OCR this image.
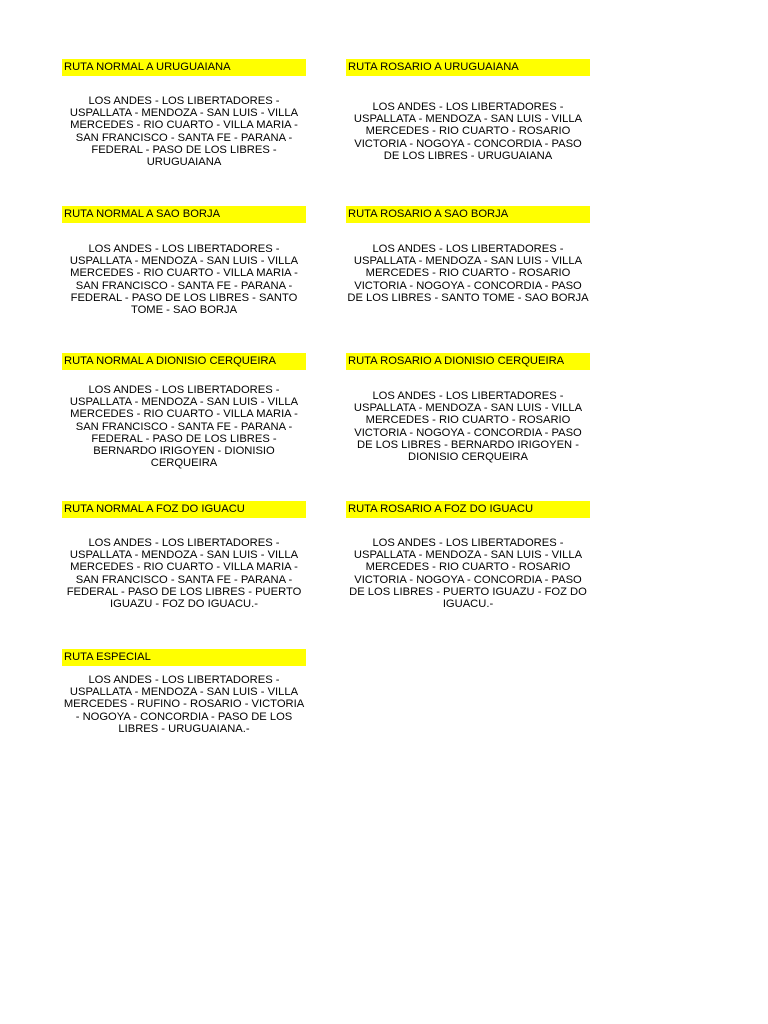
RUTA NORMAL A URUGUAIANA

LOS ANDES - LOS LIBERTADORES - USPALLATA - MENDOZA - SAN LUIS - VILLA MERCEDES - RIO CUARTO - VILLA MARIA - SAN FRANCISCO - SANTA FE - PARANA - FEDERAL - PASO DE LOS LIBRES - URUGUAIANA

RUTA ROSARIO A URUGUAIANA

LOS ANDES - LOS LIBERTADORES - USPALLATA - MENDOZA - SAN LUIS - VILLA MERCEDES - RIO CUARTO - ROSARIO VICTORIA - NOGOYA - CONCORDIA - PASO DE LOS LIBRES - URUGUAIANA

RUTA NORMAL A SAO BORJA

LOS ANDES - LOS LIBERTADORES - USPALLATA - MENDOZA - SAN LUIS - VILLA MERCEDES - RIO CUARTO - VILLA MARIA - SAN FRANCISCO - SANTA FE - PARANA - FEDERAL - PASO DE LOS LIBRES - SANTO TOME - SAO BORJA

RUTA ROSARIO A SAO BORJA

LOS ANDES - LOS LIBERTADORES - USPALLATA - MENDOZA - SAN LUIS - VILLA MERCEDES - RIO CUARTO - ROSARIO VICTORIA - NOGOYA - CONCORDIA - PASO DE LOS LIBRES - SANTO TOME - SAO BORJA

RUTA NORMAL A DIONISIO CERQUEIRA

LOS ANDES - LOS LIBERTADORES - USPALLATA - MENDOZA - SAN LUIS - VILLA MERCEDES - RIO CUARTO - VILLA MARIA - SAN FRANCISCO - SANTA FE - PARANA - FEDERAL - PASO DE LOS LIBRES - BERNARDO IRIGOYEN - DIONISIO CERQUEIRA

RUTA ROSARIO A DIONISIO CERQUEIRA

LOS ANDES - LOS LIBERTADORES - USPALLATA - MENDOZA - SAN LUIS - VILLA MERCEDES - RIO CUARTO - ROSARIO VICTORIA - NOGOYA - CONCORDIA - PASO DE LOS LIBRES - BERNARDO IRIGOYEN - DIONISIO CERQUEIRA

RUTA NORMAL A FOZ DO IGUACU

LOS ANDES - LOS LIBERTADORES - USPALLATA - MENDOZA - SAN LUIS - VILLA MERCEDES - RIO CUARTO - VILLA MARIA - SAN FRANCISCO - SANTA FE - PARANA - FEDERAL - PASO DE LOS LIBRES - PUERTO IGUAZU - FOZ DO IGUACU.-

RUTA ROSARIO A FOZ DO IGUACU

LOS ANDES - LOS LIBERTADORES - USPALLATA - MENDOZA - SAN LUIS - VILLA MERCEDES - RIO CUARTO - ROSARIO VICTORIA - NOGOYA - CONCORDIA - PASO DE LOS LIBRES - PUERTO IGUAZU - FOZ DO IGUACU.-

RUTA ESPECIAL

LOS ANDES - LOS LIBERTADORES - USPALLATA - MENDOZA - SAN LUIS - VILLA MERCEDES - RUFINO - ROSARIO - VICTORIA - NOGOYA - CONCORDIA - PASO DE LOS LIBRES - URUGUAIANA.-
